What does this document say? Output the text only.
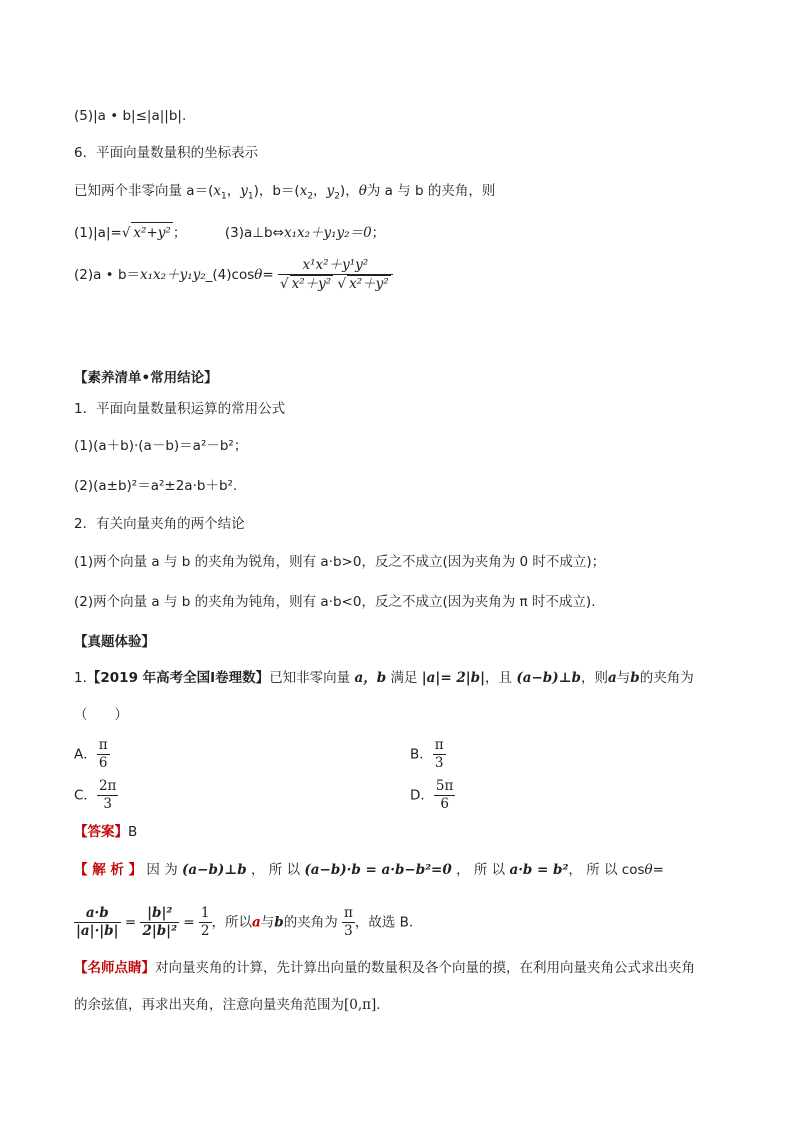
(5)|a • b|≤|a||b|.
6．平面向量数量积的坐标表示
已知两个非零向量 $a=(x_1$，$y_1$)，$b=(x_2$，$y_2$)，θ为 a 与 b 的夹角，则
(1)|a|=√ x²+y² ；	(3)a⊥b⇔x₁x₂＋y₁y₂＝0；
(2)a • b＝x₁x₂＋y₁y₂_(4)cosθ= $\frac{\text{x¹x²＋y¹y²}}{\text{√ x²＋y² √ x²＋y²}}$
【素养清单•常用结论】
1．平面向量数量积运算的常用公式
(1)(a＋b)·(a－b)＝a²－b²；
(2)(a±b)²＝a²±2a·b＋b².
2．有关向量夹角的两个结论
(1)两个向量 a 与 b 的夹角为锐角，则有 a·b>0，反之不成立(因为夹角为 0 时不成立)；
(2)两个向量 a 与 b 的夹角为钝角，则有 a·b<0，反之不成立(因为夹角为 π 时不成立).
【真题体验】
1.【2019 年高考全国Ⅰ卷理数】已知非零向量 a，b 满足 |a|= 2|b|，且 (a−b)⊥b，则a与b的夹角为
（　　）
A． $\frac{\pi}{6}$	B． $\frac{\pi}{3}$
C． $\frac{2\pi}{3}$	D． $\frac{5\pi}{6}$
【答案】B
【 解 析 】 因 为 (a−b)⊥b ， 所 以 (a−b)·b = a·b−b²=0 ， 所 以 a·b = b²， 所 以 cosθ=
$\frac{a\cdot b}{|a|\cdot|b|} = \frac{\text{|b|²}}{\text{2|b|²}} = \frac{1}{2}$ ，所以a与b的夹角为 $\frac{\pi}{3}$ ，故选 B．
【名师点睛】对向量夹角的计算，先计算出向量的数量积及各个向量的摸，在利用向量夹角公式求出夹角
的余弦值，再求出夹角，注意向量夹角范围为[0,π].
